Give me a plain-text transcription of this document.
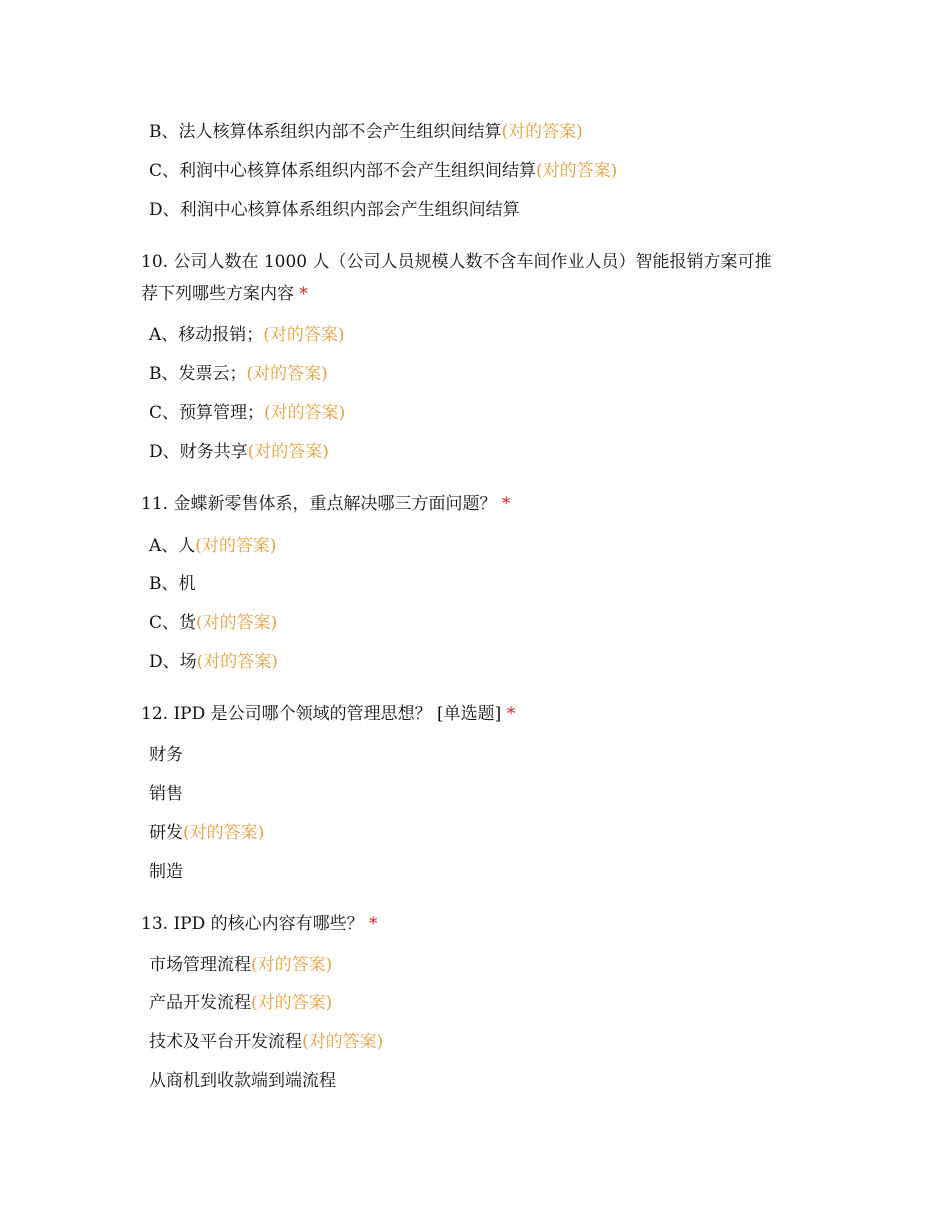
B、法人核算体系组织内部不会产生组织间结算(对的答案)
C、利润中心核算体系组织内部不会产生组织间结算(对的答案)
D、利润中心核算体系组织内部会产生组织间结算
10. 公司人数在 1000 人（公司人员规模人数不含车间作业人员）智能报销方案可推
荐下列哪些方案内容 *
A、移动报销；(对的答案)
B、发票云；(对的答案)
C、预算管理；(对的答案)
D、财务共享(对的答案)
11. 金蝶新零售体系，重点解决哪三方面问题？ *
A、人(对的答案)
B、机
C、货(对的答案)
D、场(对的答案)
12. IPD 是公司哪个领域的管理思想？ [单选题] *
财务
销售
研发(对的答案)
制造
13. IPD 的核心内容有哪些？ *
市场管理流程(对的答案)
产品开发流程(对的答案)
技术及平台开发流程(对的答案)
从商机到收款端到端流程
